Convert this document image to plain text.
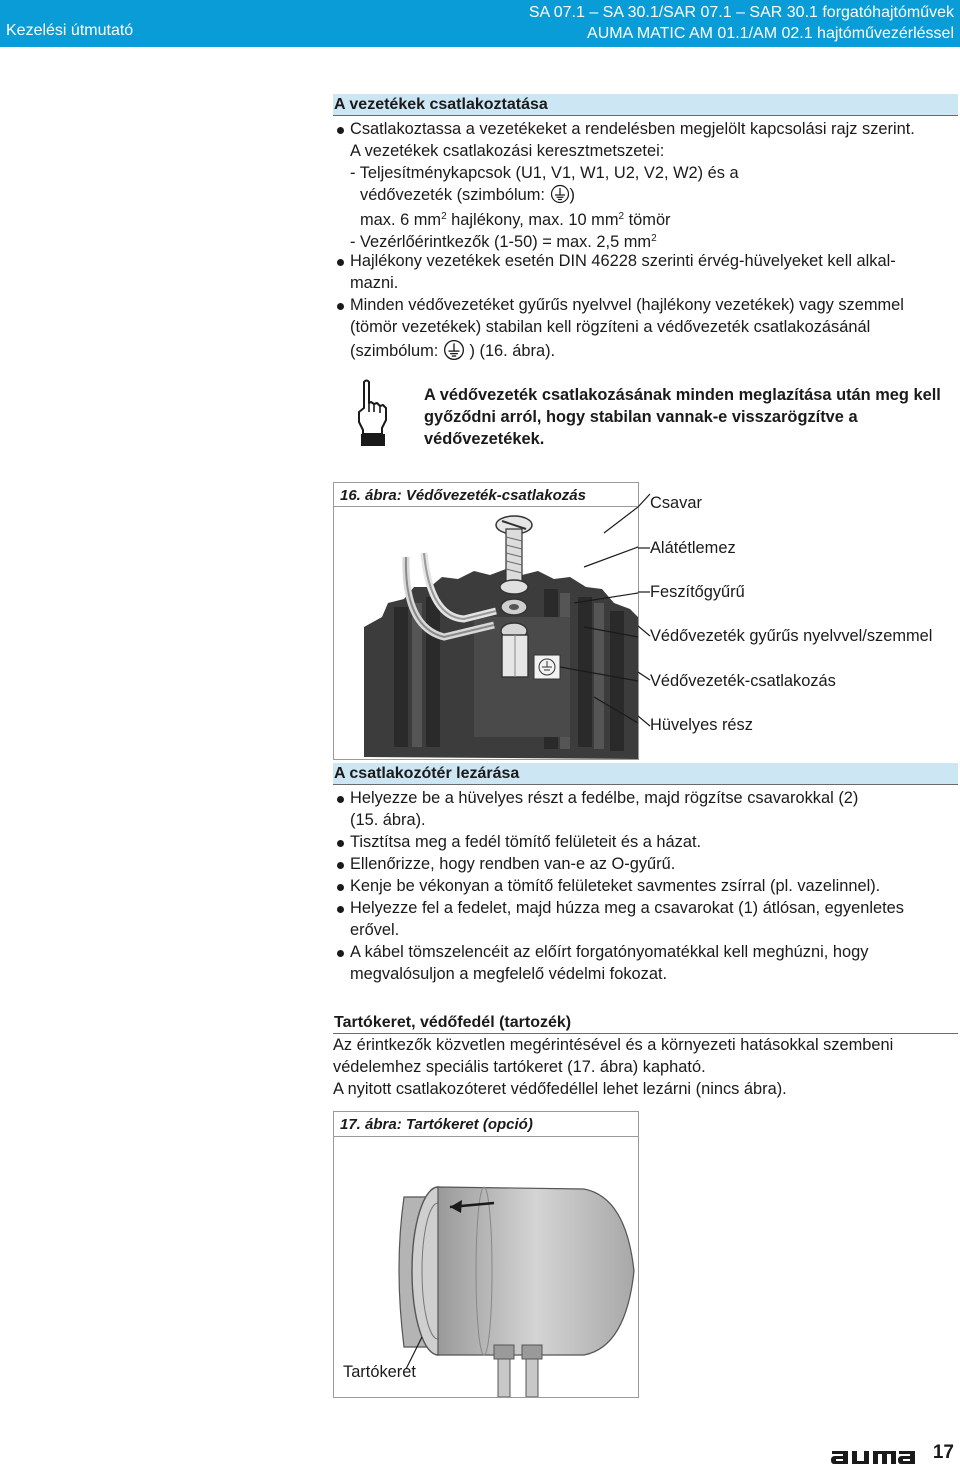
Kezelési útmutató
SA 07.1 – SA 30.1/SAR 07.1 – SAR 30.1 forgatóhajtóművek
AUMA MATIC AM 01.1/AM 02.1 hajtóművezérléssel
A vezetékek csatlakoztatása
Csatlakoztassa a vezetékeket a rendelésben megjelölt kapcsolási rajz szerint.
A vezetékek csatlakozási keresztmetszetei:
- Teljesítménykapcsok (U1, V1, W1, U2, V2, W2) és a
védővezeték (szimbólum: )
max. 6 $mm^2$ hajlékony, max. 10 $mm^2$ tömör
- Vezérlőérintkezők (1-50) = max. 2,5 $mm^2$
Hajlékony vezetékek esetén DIN 46228 szerinti érvég-hüvelyeket kell alkal-
mazni.
Minden védővezetéket gyűrűs nyelvvel (hajlékony vezetékek) vagy szemmel
(tömör vezetékek) stabilan kell rögzíteni a védővezeték csatlakozásánál
(szimbólum: ) (16. ábra).
A védővezeték csatlakozásának minden meglazítása után meg kell győződni arról, hogy stabilan vannak-e visszarögzítve a védővezetékek.
16. ábra: Védővezeték-csatlakozás	Csavar
Alátétlemez
Feszítőgyűrű
Védővezeték gyűrűs nyelvvel/szemmel
Védővezeték-csatlakozás
Hüvelyes rész
A csatlakozótér lezárása
Helyezze be a hüvelyes részt a fedélbe, majd rögzítse csavarokkal (2)
(15. ábra).
Tisztítsa meg a fedél tömítő felületeit és a házat.
Ellenőrizze, hogy rendben van-e az O-gyűrű.
Kenje be vékonyan a tömítő felületeket savmentes zsírral (pl. vazelinnel).
Helyezze fel a fedelet, majd húzza meg a csavarokat (1) átlósan, egyenletes
erővel.
A kábel tömszelencéit az előírt forgatónyomatékkal kell meghúzni, hogy
megvalósuljon a megfelelő védelmi fokozat.
Tartókeret, védőfedél (tartozék)
Az érintkezők közvetlen megérintésével és a környezeti hatásokkal szembeni
védelemhez speciális tartókeret (17. ábra) kapható.
A nyitott csatlakozóteret védőfedéllel lehet lezárni (nincs ábra).
17. ábra: Tartókeret (opció)
Tartókeret
17
